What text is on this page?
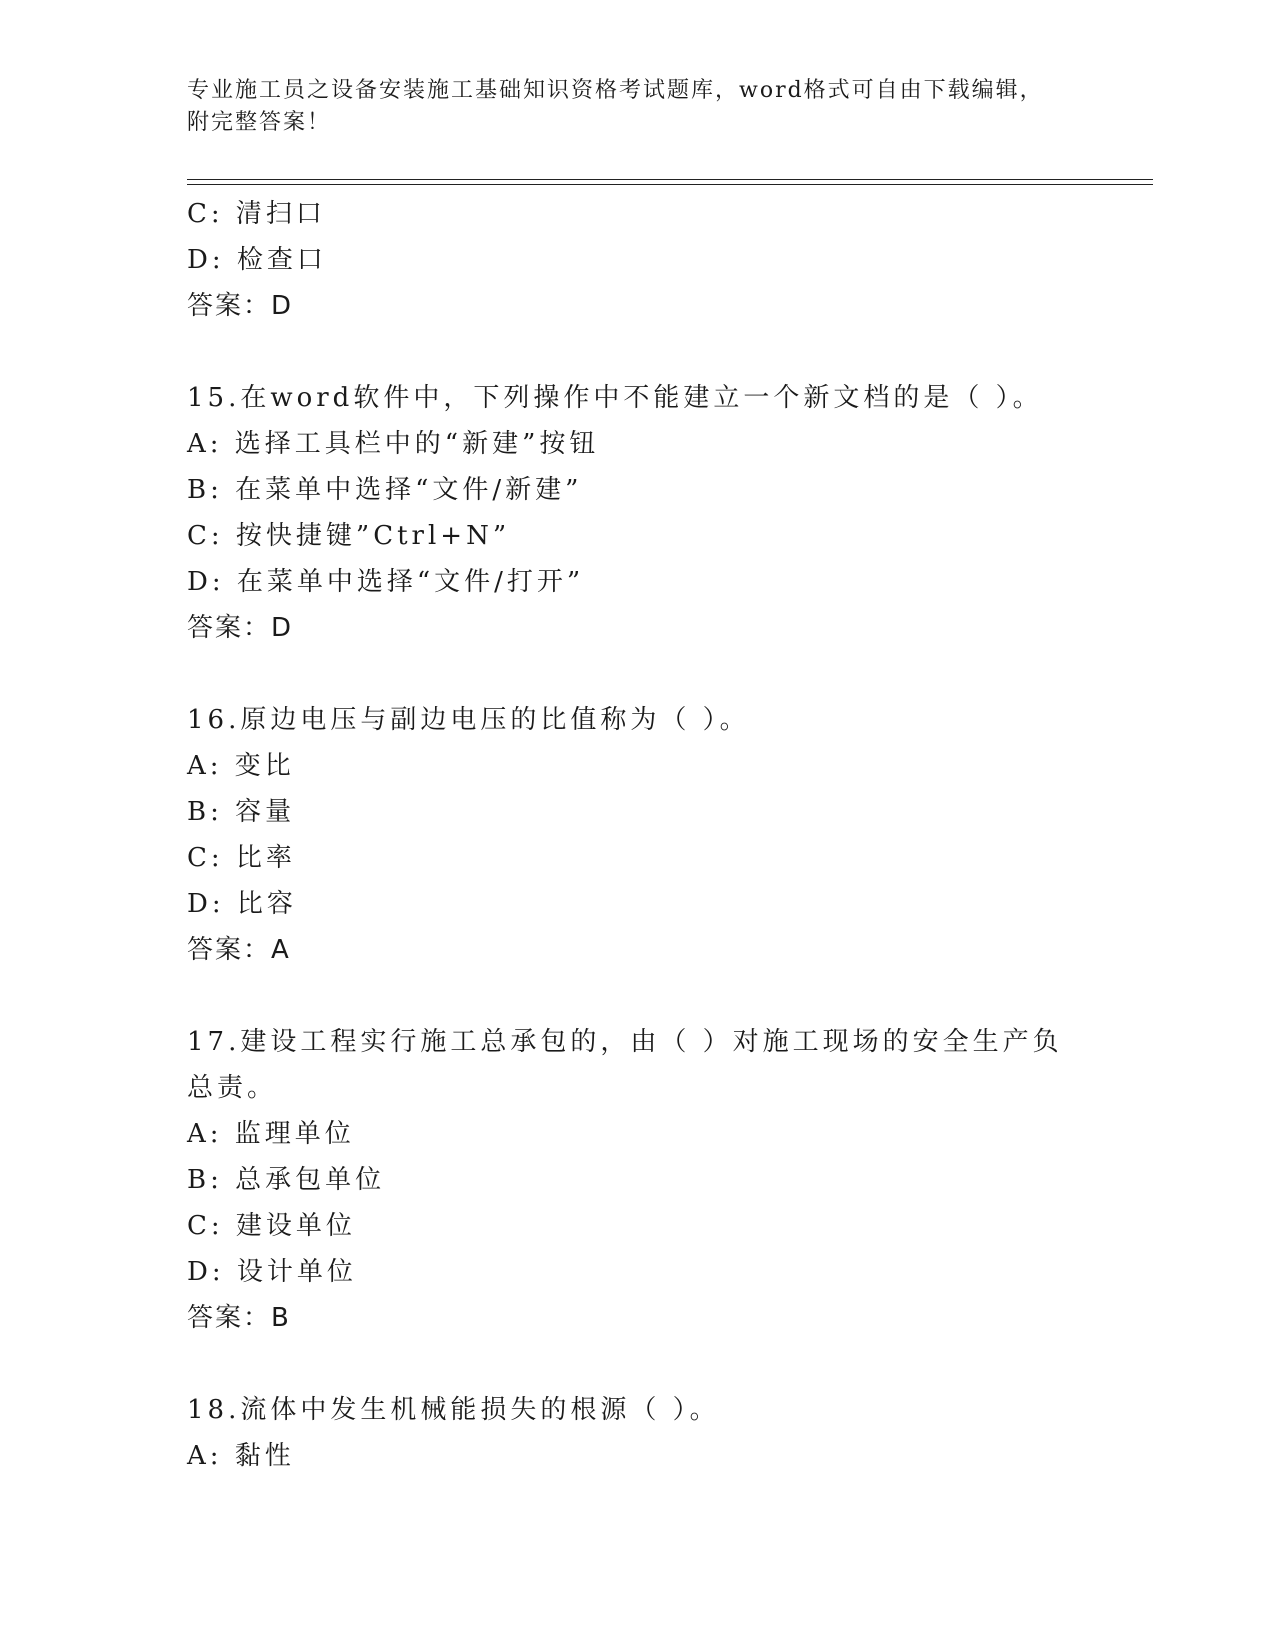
专业施工员之设备安装施工基础知识资格考试题库，word格式可自由下载编辑，
附完整答案！
C: 清扫口
D: 检查口
答案：D
15.在word软件中，下列操作中不能建立一个新文档的是（ ）。
A: 选择工具栏中的“新建”按钮
B: 在菜单中选择“文件/新建”
C: 按快捷键”Ctrl+N”
D: 在菜单中选择“文件/打开”
答案：D
16.原边电压与副边电压的比值称为（ ）。
A: 变比
B: 容量
C: 比率
D: 比容
答案：A
17.建设工程实行施工总承包的，由（ ）对施工现场的安全生产负总责。
A: 监理单位
B: 总承包单位
C: 建设单位
D: 设计单位
答案：B
18.流体中发生机械能损失的根源（ ）。
A: 黏性
